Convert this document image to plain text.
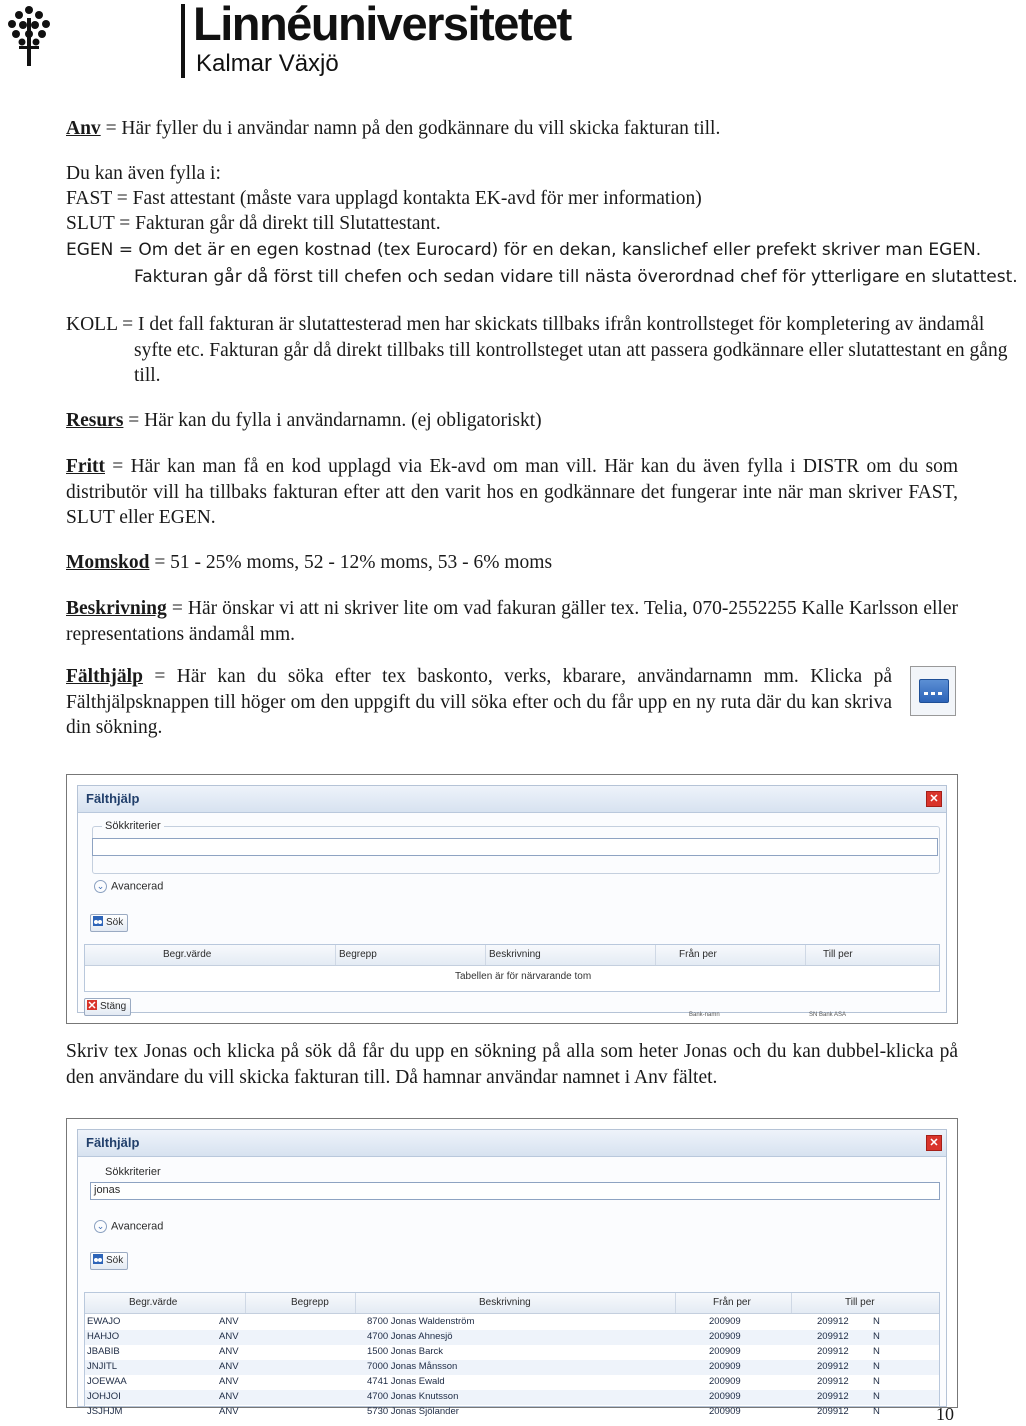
Linnéuniversitetet
Kalmar Växjö
Anv = Här fyller du i användar namn på den godkännare du vill skicka fakturan till.
Du kan även fylla i:
FAST = Fast attestant (måste vara upplagd kontakta EK-avd för mer information)
SLUT = Fakturan går då direkt till Slutattestant.
EGEN = Om det är en egen kostnad (tex Eurocard) för en dekan, kanslichef eller prefekt skriver man EGEN. Fakturan går då först till chefen och sedan vidare till nästa överordnad chef för ytterligare en slutattest.
KOLL = I det fall fakturan är slutattesterad men har skickats tillbaks ifrån kontrollsteget för kompletering av ändamål syfte etc. Fakturan går då direkt tillbaks till kontrollsteget utan att passera godkännare eller slutattestant en gång till.
Resurs = Här kan du fylla i användarnamn. (ej obligatoriskt)
Fritt = Här kan man få en kod upplagd via Ek-avd om man vill. Här kan du även fylla i DISTR om du som distributör vill ha tillbaks fakturan efter att den varit hos en godkännare det fungerar inte när man skriver FAST, SLUT eller EGEN.
Momskod = 51 - 25% moms, 52 - 12% moms, 53 - 6% moms
Beskrivning = Här önskar vi att ni skriver lite om vad fakuran gäller tex. Telia, 070-2552255 Kalle Karlsson eller representations ändamål mm.
Fälthjälp = Här kan du söka efter tex baskonto, verks, kbarare, användarnamn mm. Klicka på Fälthjälpsknappen till höger om den uppgift du vill söka efter och du får upp en ny ruta där du kan skriva din sökning.
Fälthjälp	✕
Sökkriterier
⌄ Avancerad
Sök
Begr.värde	Begrepp	Beskrivning	Från per	Till per
Tabellen är för närvarande tom
Stäng
Bank-namn	SN Bank ASA
Skriv tex Jonas och klicka på sök då får du upp en sökning på alla som heter Jonas och du kan dubbel-klicka på den användare du vill skicka fakturan till. Då hamnar användar namnet i Anv fältet.
Fälthjälp	✕
Sökkriterier
jonas
⌄ Avancerad
Sök
Begr.värde	Begrepp	Beskrivning	Från per	Till per
EWAJO	ANV	8700 Jonas Waldenström	200909	209912	N
HAHJO	ANV	4700 Jonas Ahnesjö	200909	209912	N
JBABIB	ANV	1500 Jonas Barck	200909	209912	N
JNJITL	ANV	7000 Jonas Månsson	200909	209912	N
JOEWAA	ANV	4741 Jonas Ewald	200909	209912	N
JOHJOI	ANV	4700 Jonas Knutsson	200909	209912	N
JSJHJM	ANV	5730 Jonas Sjölander	200909	209912	N	10
